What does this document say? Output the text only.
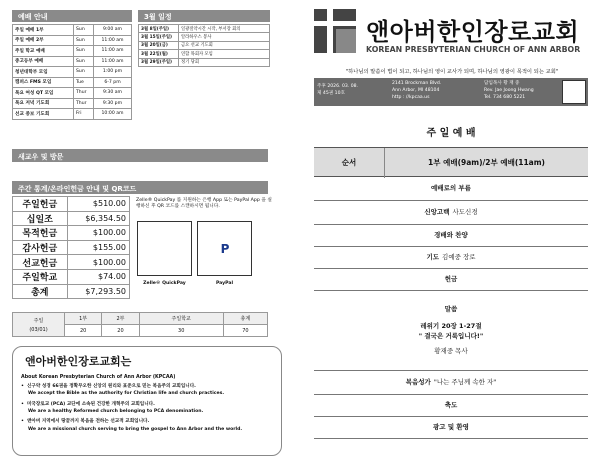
예배 안내
주일 예배 1부	Sun	9:00 am
주일 예배 2부	Sun	11:00 am
주일 학교 예배	Sun	11:00 am
중고등부 예배	Sun	11:00 am
청년대학부 모임	Sun	1:00 pm
캠퍼스 FMS 모임	Tue	6-7 pm
목요 여성 QT 모임	Thur	9:30 am
목요 저녁 기도회	Thur	9:30 pm
선교 중보 기도회	Fri	10:00 am
3월 일정
3월 8일(주일)	일광절약시간 시작, 부서장 회의
3월 15일(주일)	알라하우스 봉사
3월 20일(금)	금요 선교 기도회
3월 22일(월)	연합 목회자 모임
3월 29일(주일)	정기 당회
새교우 및 방문
주간 통계/온라인헌금 안내 및 QR코드
주일헌금	$510.00
십일조	$6,354.50
목적헌금	$100.00
감사헌금	$155.00
선교헌금	$100.00
주일학교	$74.00
총계	$7,293.50
Zelle® QuickPay 를 지원하는 은행 App 또는 PayPal App 을 실행하신 후 QR 코드를 스캔하시면 됩니다.
P
Zelle® QuickPay	PayPal
주일
(03/01)	1부	2부	주일학교	총계
	20	20	30	70
앤아버한인장로교회는
About Korean Presbyterian Church of Ann Arbor (KPCAA)
• 신구약 성경 66권을 정확무오한 신앙의 원리와 표준으로 믿는 복음주의 교회입니다.
We accept the Bible as the authority for Christian life and church practices.
• 미국장로교 (PCA) 교단에 소속된 건강한 개혁주의 교회입니다.
We are a healthy Reformed church belonging to PCA denomination.
• 앤아버 지역에서 땅끝까지 복음을 전하는 선교적 교회입니다.
We are a missional church serving to bring the gospel to Ann Arbor and the world.
앤아버한인장로교회
KOREAN PRESBYTERIAN CHURCH OF ANN ARBOR
"하나님의 말씀이 법이 되고, 하나님의 영이 교사가 되며, 하나님의 영광이 목적이 되는 교회"
주후 2026. 03. 08.
제 45권 10호
2141 Brockman Blvd.
Ann Arbor, MI 48104
http : //kpcaa.us
담임목사 황 재 중
Rev. Jae Joong Hwang
Tel. 734 680 5221
주 일 예 배
순서	1부 예배(9am)/2부 예배(11am)
예배로의 부름
신앙고백 사도신경
경배와 찬양
기도 김예중 장로
헌금
말씀
레위기 20장 1-27절
" 결국은 거룩입니다!"
황재중 목사
복음성가 "나는 주님께 속한 자"
축도
광고 및 환영
